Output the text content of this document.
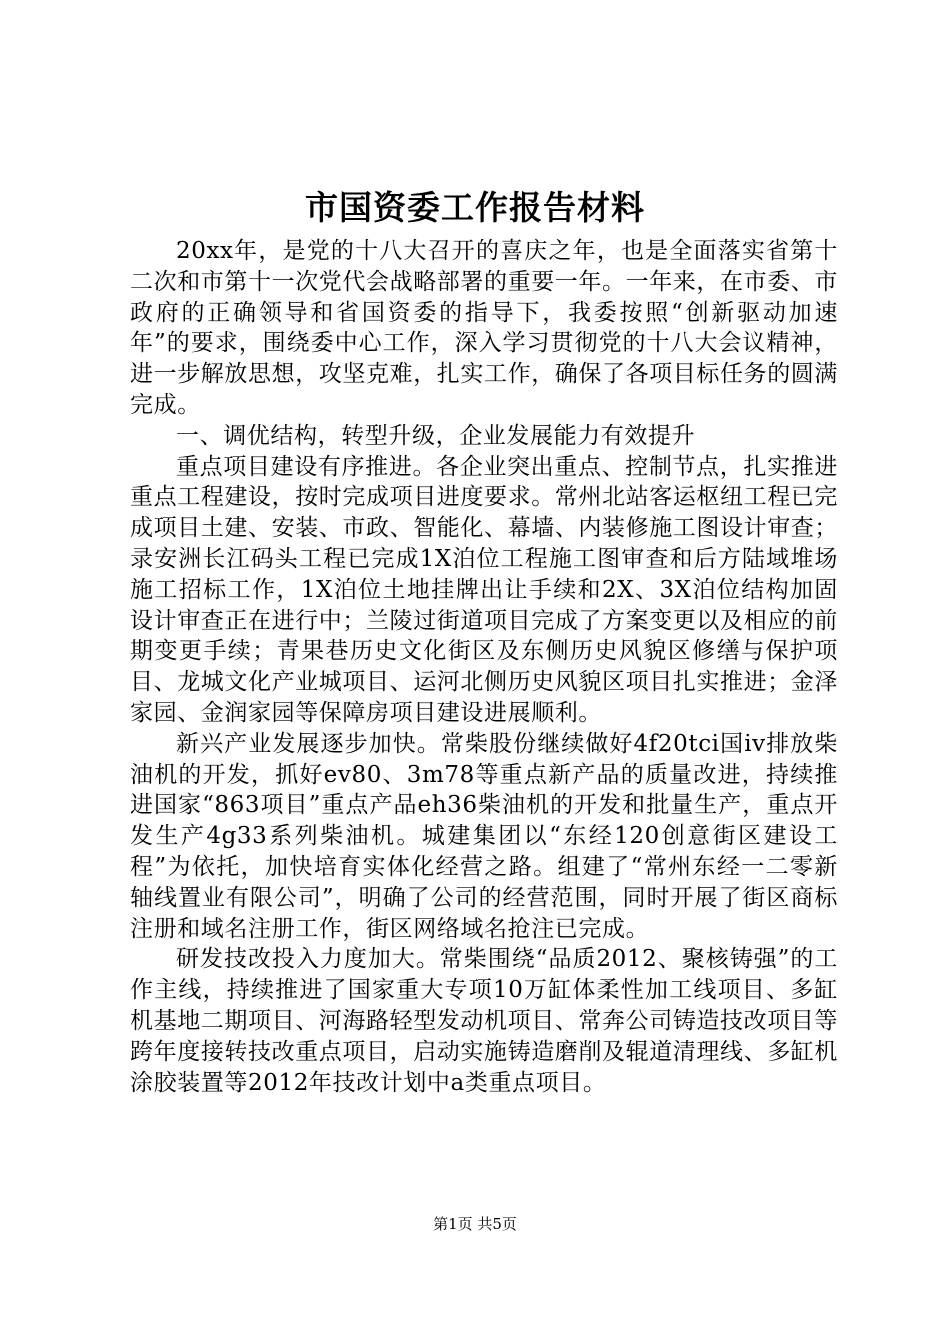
市国资委工作报告材料

20xx年，是党的十八大召开的喜庆之年，也是全面落实省第十二次和市第十一次党代会战略部署的重要一年。一年来，在市委、市政府的正确领导和省国资委的指导下，我委按照“创新驱动加速年”的要求，围绕委中心工作，深入学习贯彻党的十八大会议精神，进一步解放思想，攻坚克难，扎实工作，确保了各项目标任务的圆满完成。

一、调优结构，转型升级，企业发展能力有效提升

重点项目建设有序推进。各企业突出重点、控制节点，扎实推进重点工程建设，按时完成项目进度要求。常州北站客运枢纽工程已完成项目土建、安装、市政、智能化、幕墙、内装修施工图设计审查；录安洲长江码头工程已完成1X泊位工程施工图审查和后方陆域堆场施工招标工作，1X泊位土地挂牌出让手续和2X、3X泊位结构加固设计审查正在进行中；兰陵过街道项目完成了方案变更以及相应的前期变更手续；青果巷历史文化街区及东侧历史风貌区修缮与保护项目、龙城文化产业城项目、运河北侧历史风貌区项目扎实推进；金泽家园、金润家园等保障房项目建设进展顺利。

新兴产业发展逐步加快。常柴股份继续做好4f20tci国iv排放柴油机的开发，抓好ev80、3m78等重点新产品的质量改进，持续推进国家“863项目”重点产品eh36柴油机的开发和批量生产，重点开发生产4g33系列柴油机。城建集团以“东经120创意街区建设工程”为依托，加快培育实体化经营之路。组建了“常州东经一二零新轴线置业有限公司”，明确了公司的经营范围，同时开展了街区商标注册和域名注册工作，街区网络域名抢注已完成。

研发技改投入力度加大。常柴围绕“品质2012、聚核铸强”的工作主线，持续推进了国家重大专项10万缸体柔性加工线项目、多缸机基地二期项目、河海路轻型发动机项目、常奔公司铸造技改项目等跨年度接转技改重点项目，启动实施铸造磨削及辊道清理线、多缸机涂胶装置等2012年技改计划中a类重点项目。

第1页 共5页
